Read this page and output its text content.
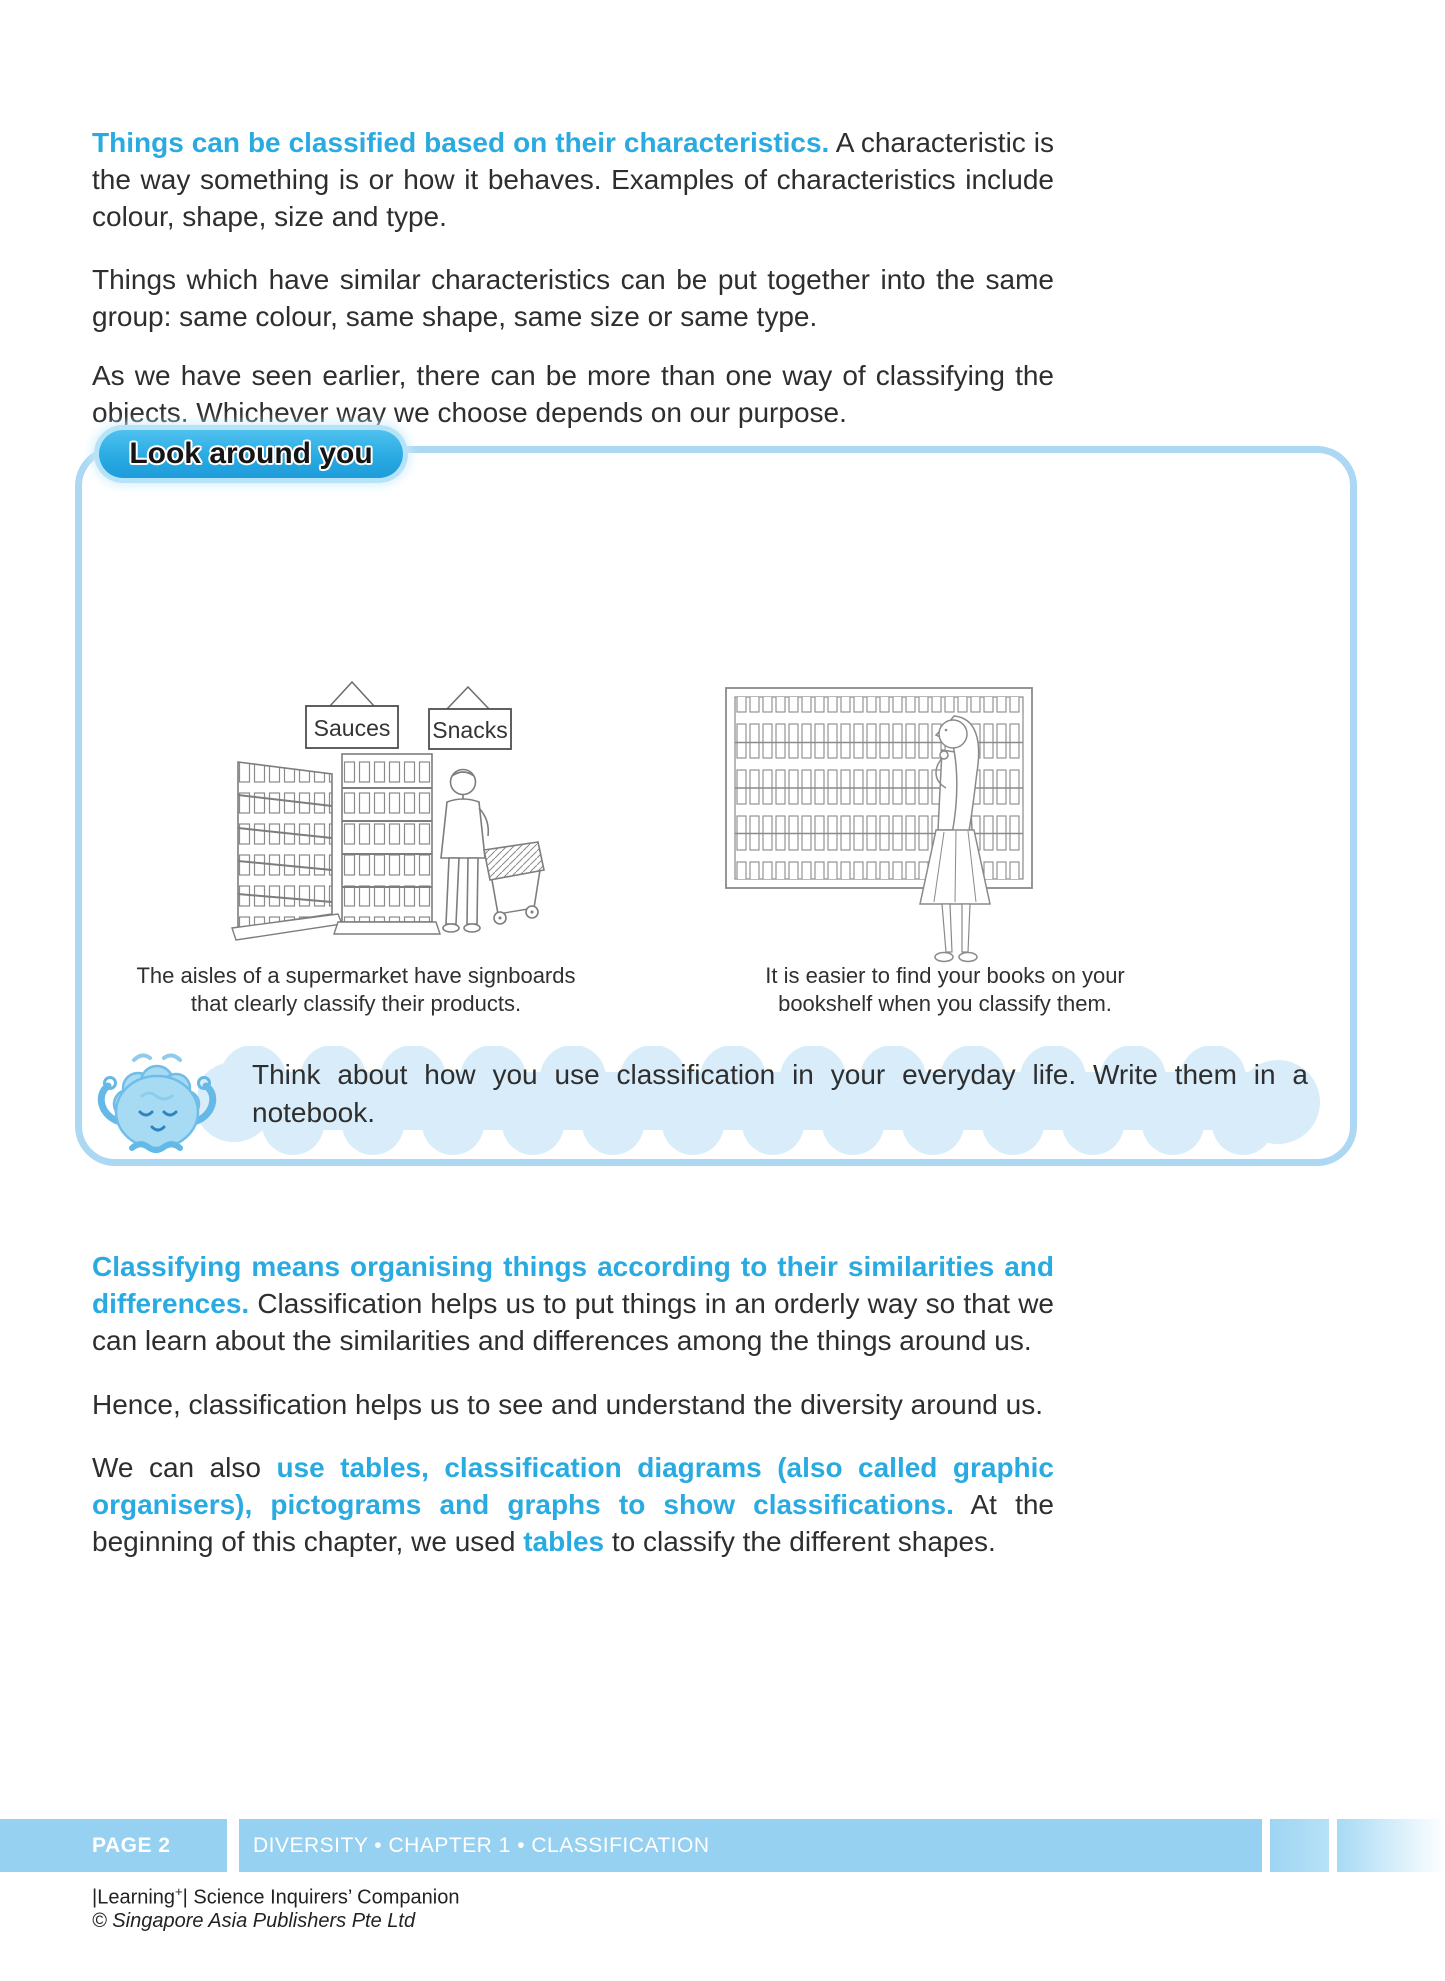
Things can be classified based on their characteristics. A characteristic is the way something is or how it behaves. Examples of characteristics include colour, shape, size and type.

Things which have similar characteristics can be put together into the same group: same colour, same shape, same size or same type.

As we have seen earlier, there can be more than one way of classifying the objects. Whichever way we choose depends on our purpose.

Look around you
Sauces Snacks
The aisles of a supermarket have signboards that clearly classify their products.
It is easier to find your books on your bookshelf when you classify them.
Think about how you use classification in your everyday life. Write them in a notebook.

Classifying means organising things according to their similarities and differences. Classification helps us to put things in an orderly way so that we can learn about the similarities and differences among the things around us.

Hence, classification helps us to see and understand the diversity around us.

We can also use tables, classification diagrams (also called graphic organisers), pictograms and graphs to show classifications. At the beginning of this chapter, we used tables to classify the different shapes.

PAGE 2	DIVERSITY • CHAPTER 1 • CLASSIFICATION
|Learning+| Science Inquirers’ Companion
© Singapore Asia Publishers Pte Ltd
